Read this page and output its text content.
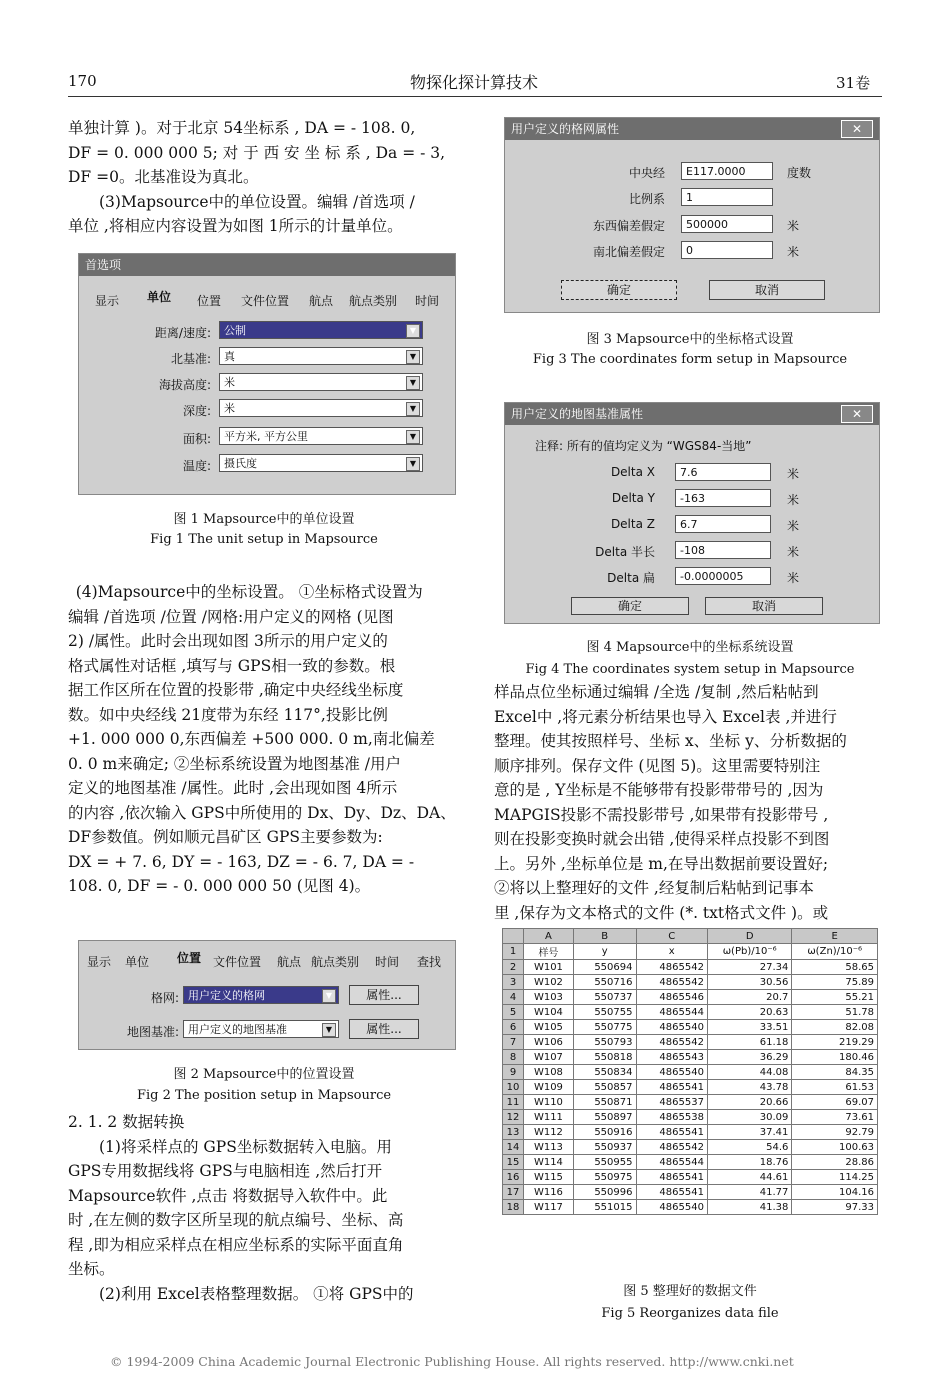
170	物探化探计算技术	31卷

单独计算 )。对于北京 54坐标系 , DA = - 108. 0,

DF = 0. 000 000 5; 对 于 西 安 坐 标 系 , Da = - 3,

DF =0。北基准设为真北。

(3)Mapsource中的单位设置。编辑 /首选项 /

单位 ,将相应内容设置为如图 1所示的计量单位。

首选项
显示 单位 位置 文件位置 航点 航点类别 时间
距离/速度:	公制	▼
北基准:	真	▼
海拔高度:	米	▼
深度:	米	▼
面积:	平方米, 平方公里	▼
温度:	摄氏度	▼
图 1 Mapsource中的单位设置
Fig 1 The unit setup in Mapsource

(4)Mapsource中的坐标设置。 ①坐标格式设置为

编辑 /首选项 /位置 /网格:用户定义的网格 (见图

2) /属性。此时会出现如图 3所示的用户定义的

格式属性对话框 ,填写与 GPS相一致的参数。根

据工作区所在位置的投影带 ,确定中央经线坐标度

数。如中央经线 21度带为东经 117°,投影比例

+1. 000 000 0,东西偏差 +500 000. 0 m,南北偏差

0. 0 m来确定; ②坐标系统设置为地图基准 /用户

定义的地图基准 /属性。此时 ,会出现如图 4所示

的内容 ,依次输入 GPS中所使用的 Dx、Dy、Dz、DA、

DF参数值。例如顺元昌矿区 GPS主要参数为:

DX = + 7. 6, DY = - 163, DZ = - 6. 7, DA = -

108. 0, DF = - 0. 000 000 50 (见图 4)。

显示 单位 位置 文件位置 航点 航点类别 时间 查找
格网: 用户定义的格网	▼	属性...
地图基准: 用户定义的地图基准	▼	属性...
图 2 Mapsource中的位置设置
Fig 2 The position setup in Mapsource

2. 1. 2 数据转换

(1)将采样点的 GPS坐标数据转入电脑。用

GPS专用数据线将 GPS与电脑相连 ,然后打开

Mapsource软件 ,点击 将数据导入软件中。此

时 ,在左侧的数字区所呈现的航点编号、坐标、高

程 ,即为相应采样点在相应坐标系的实际平面直角

坐标。

(2)利用 Excel表格整理数据。 ①将 GPS中的

用户定义的格网属性	✕
中央经	E117.0000	度数
比例系	1
东西偏差假定	500000	米
南北偏差假定	0	米
确定	取消
图 3 Mapsource中的坐标格式设置
Fig 3 The coordinates form setup in Mapsource
用户定义的地图基准属性	✕
注释: 所有的值均定义为 “WGS84-当地”
Delta X	7.6	米
Delta Y	-163	米
Delta Z	6.7	米
Delta 半长	-108	米
Delta 扁	-0.0000005	米
确定	取消
图 4 Mapsource中的坐标系统设置
Fig 4 The coordinates system setup in Mapsource

样品点位坐标通过编辑 /全选 /复制 ,然后粘帖到

Excel中 ,将元素分析结果也导入 Excel表 ,并进行

整理。使其按照样号、坐标 x、坐标 y、分析数据的

顺序排列。保存文件 (见图 5)。这里需要特别注

意的是 , Y坐标是不能够带有投影带带号的 ,因为

MAPGIS投影不需投影带号 ,如果带有投影带号 ,

则在投影变换时就会出错 ,使得采样点投影不到图

上。另外 ,坐标单位是 m,在导出数据前要设置好;

②将以上整理好的文件 ,经复制后粘帖到记事本

里 ,保存为文本格式的文件 (*. txt格式文件 )。或

	A	B	C	D	E
1	样号	y	x	ω(Pb)/10⁻⁶	ω(Zn)/10⁻⁶
2	W101	550694	4865542	27.34	58.65
3	W102	550716	4865542	30.56	75.89
4	W103	550737	4865546	20.7	55.21
5	W104	550755	4865544	20.63	51.78
6	W105	550775	4865540	33.51	82.08
7	W106	550793	4865542	61.18	219.29
8	W107	550818	4865543	36.29	180.46
9	W108	550834	4865540	44.08	84.35
10	W109	550857	4865541	43.78	61.53
11	W110	550871	4865537	20.66	69.07
12	W111	550897	4865538	30.09	73.61
13	W112	550916	4865541	37.41	92.79
14	W113	550937	4865542	54.6	100.63
15	W114	550955	4865544	18.76	28.86
16	W115	550975	4865541	44.61	114.25
17	W116	550996	4865541	41.77	104.16
18	W117	551015	4865540	41.38	97.33
图 5 整理好的数据文件
Fig 5 Reorganizes data file
© 1994-2009 China Academic Journal Electronic Publishing House. All rights reserved. http://www.cnki.net
